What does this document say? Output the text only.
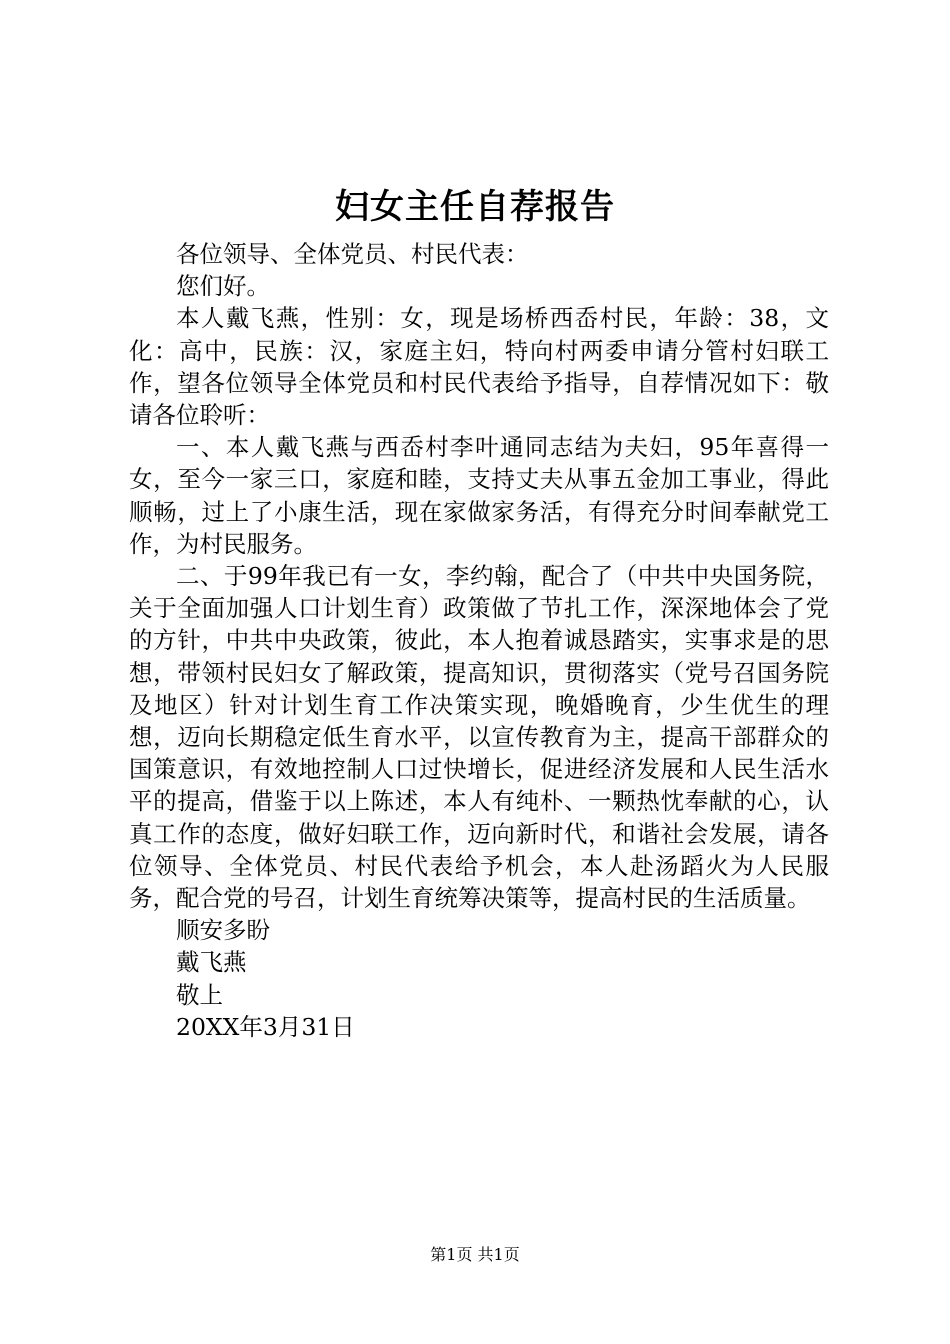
妇女主任自荐报告

各位领导、全体党员、村民代表：

您们好。

本人戴飞燕，性别：女，现是场桥西岙村民，年龄：38，文化：高中，民族：汉，家庭主妇，特向村两委申请分管村妇联工作，望各位领导全体党员和村民代表给予指导，自荐情况如下：敬请各位聆听：

一、本人戴飞燕与西岙村李叶通同志结为夫妇，95年喜得一女，至今一家三口，家庭和睦，支持丈夫从事五金加工事业，得此顺畅，过上了小康生活，现在家做家务活，有得充分时间奉献党工作，为村民服务。

二、于99年我已有一女，李约翰，配合了（中共中央国务院，关于全面加强人口计划生育）政策做了节扎工作，深深地体会了党的方针，中共中央政策，彼此，本人抱着诚恳踏实，实事求是的思想，带领村民妇女了解政策，提高知识，贯彻落实（党号召国务院及地区）针对计划生育工作决策实现，晚婚晚育，少生优生的理想，迈向长期稳定低生育水平，以宣传教育为主，提高干部群众的国策意识，有效地控制人口过快增长，促进经济发展和人民生活水平的提高，借鉴于以上陈述，本人有纯朴、一颗热忱奉献的心，认真工作的态度，做好妇联工作，迈向新时代，和谐社会发展，请各位领导、全体党员、村民代表给予机会，本人赴汤蹈火为人民服务，配合党的号召，计划生育统筹决策等，提高村民的生活质量。

顺安多盼

戴飞燕

敬上

20XX年3月31日

第1页 共1页
